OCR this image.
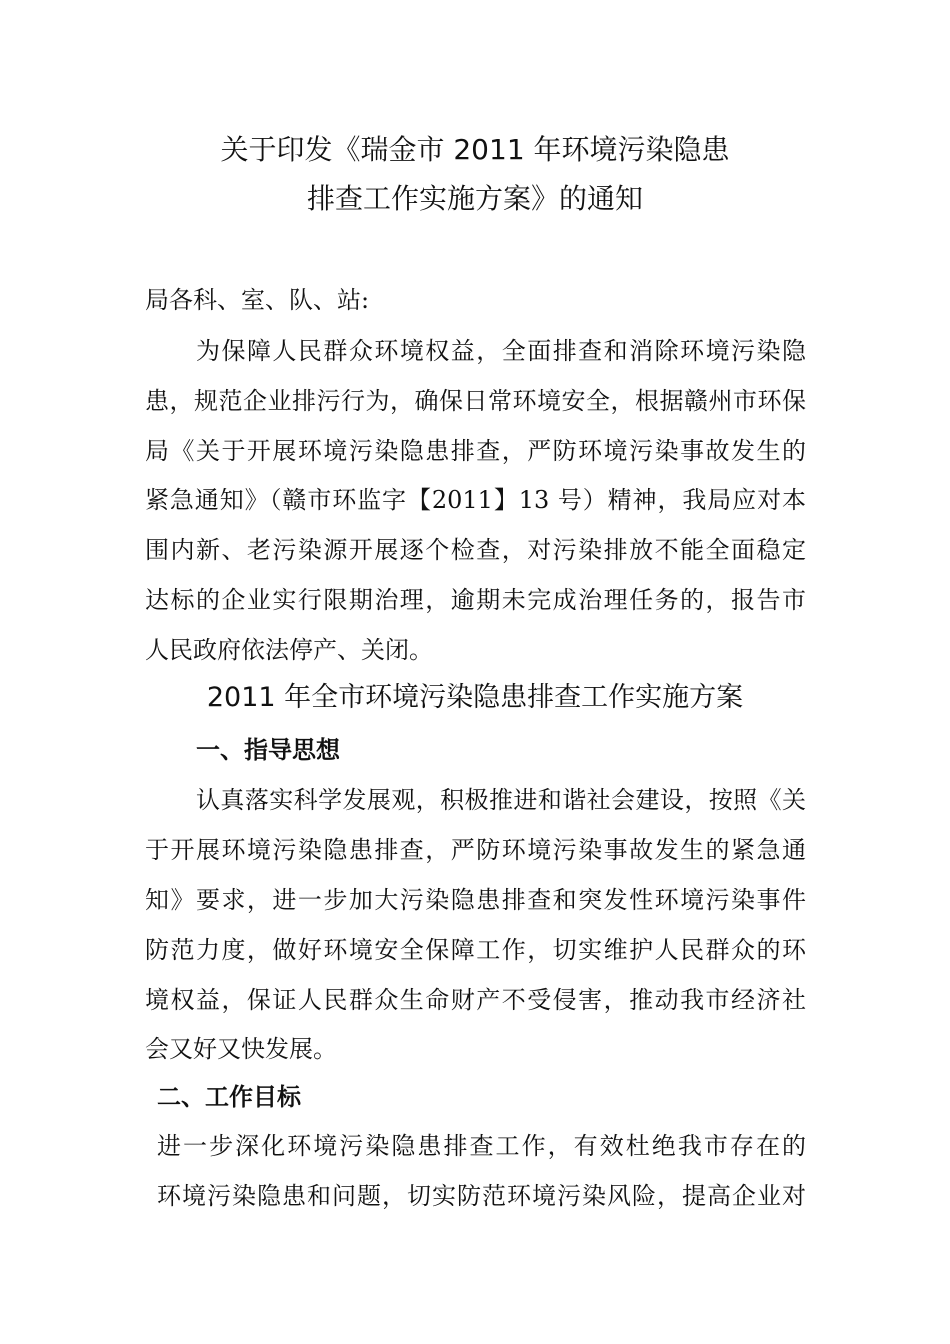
关于印发《瑞金市 2011 年环境污染隐患
排查工作实施方案》的通知
局各科、室、队、站:
为保障人民群众环境权益，全面排查和消除环境污染隐
患，规范企业排污行为，确保日常环境安全，根据赣州市环保
局《关于开展环境污染隐患排查，严防环境污染事故发生的
紧急通知》（赣市环监字【2011】13 号）精神，我局应对本
围内新、老污染源开展逐个检查，对污染排放不能全面稳定
达标的企业实行限期治理，逾期未完成治理任务的，报告市
人民政府依法停产、关闭。
2011 年全市环境污染隐患排查工作实施方案
一、指导思想
认真落实科学发展观，积极推进和谐社会建设，按照《关
于开展环境污染隐患排查，严防环境污染事故发生的紧急通
知》要求，进一步加大污染隐患排查和突发性环境污染事件
防范力度，做好环境安全保障工作，切实维护人民群众的环
境权益，保证人民群众生命财产不受侵害，推动我市经济社
会又好又快发展。
二、工作目标
进一步深化环境污染隐患排查工作，有效杜绝我市存在的
环境污染隐患和问题，切实防范环境污染风险，提高企业对
